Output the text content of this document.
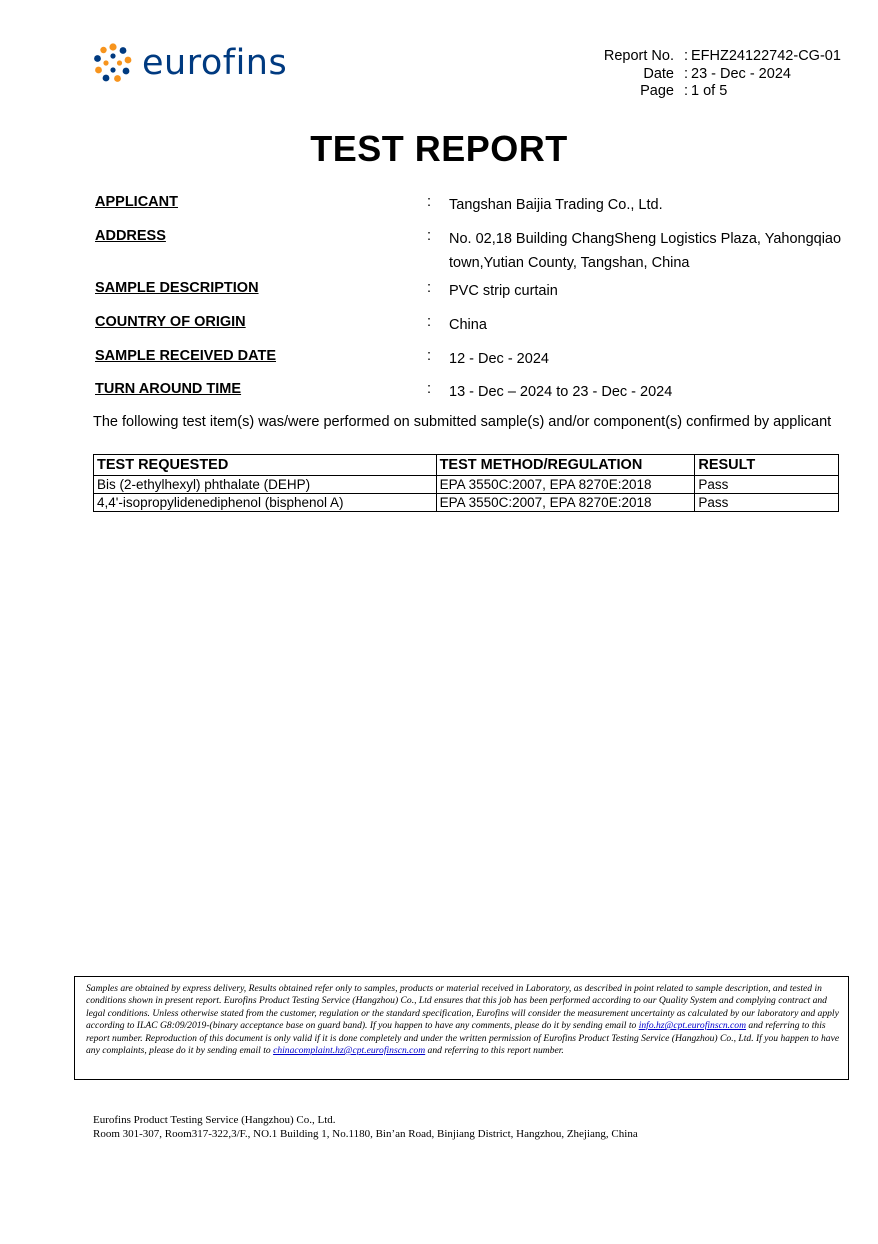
eurofins	Report No. : EFHZ24122742-CG-01
Date : 23 - Dec - 2024
Page : 1 of 5
TEST REPORT
APPLICANT	: Tangshan Baijia Trading Co., Ltd.
ADDRESS	: No. 02,18 Building ChangSheng Logistics Plaza, Yahongqiao town,Yutian County, Tangshan, China
SAMPLE DESCRIPTION	: PVC strip curtain
COUNTRY OF ORIGIN	: China
SAMPLE RECEIVED DATE	: 12 - Dec - 2024
TURN AROUND TIME	: 13 - Dec – 2024 to 23 - Dec - 2024
The following test item(s) was/were performed on submitted sample(s) and/or component(s) confirmed by applicant
TEST REQUESTED	TEST METHOD/REGULATION	RESULT
Bis (2-ethylhexyl) phthalate (DEHP)	EPA 3550C:2007, EPA 8270E:2018	Pass
4,4'-isopropylidenediphenol (bisphenol A)	EPA 3550C:2007, EPA 8270E:2018	Pass
Samples are obtained by express delivery, Results obtained refer only to samples, products or material received in Laboratory, as described in point related to sample description, and tested in conditions shown in present report. Eurofins Product Testing Service (Hangzhou) Co., Ltd ensures that this job has been performed according to our Quality System and complying contract and legal conditions. Unless otherwise stated from the customer, regulation or the standard specification, Eurofins will consider the measurement uncertainty as calculated by our laboratory and apply according to ILAC G8:09/2019-(binary acceptance base on guard band). If you happen to have any comments, please do it by sending email to info.hz@cpt.eurofinscn.com and referring to this report number. Reproduction of this document is only valid if it is done completely and under the written permission of Eurofins Product Testing Service (Hangzhou) Co., Ltd. If you happen to have any complaints, please do it by sending email to chinacomplaint.hz@cpt.eurofinscn.com and referring to this report number.
Eurofins Product Testing Service (Hangzhou) Co., Ltd.
Room 301-307, Room317-322,3/F., NO.1 Building 1, No.1180, Bin’an Road, Binjiang District, Hangzhou, Zhejiang, China
